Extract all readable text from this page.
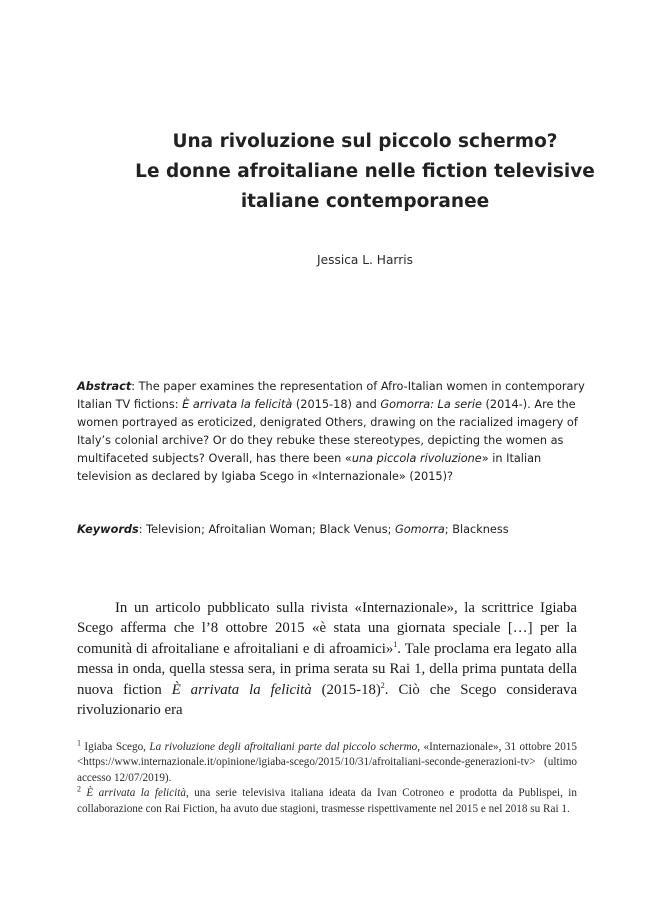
Una rivoluzione sul piccolo schermo?
Le donne afroitaliane nelle fiction televisive
italiane contemporanee
Jessica L. Harris
Abstract: The paper examines the representation of Afro-Italian women in contemporary Italian TV fictions: È arrivata la felicità (2015-18) and Gomorra: La serie (2014-). Are the women portrayed as eroticized, denigrated Others, drawing on the racialized imagery of Italy’s colonial archive? Or do they rebuke these stereotypes, depicting the women as multifaceted subjects? Overall, has there been «una piccola rivoluzione» in Italian television as declared by Igiaba Scego in «Internazionale» (2015)?
Keywords: Television; Afroitalian Woman; Black Venus; Gomorra; Blackness

In un articolo pubblicato sulla rivista «Internazionale», la scrittrice Igiaba Scego afferma che l’8 ottobre 2015 «è stata una giornata speciale […] per la comunità di afroitaliane e afroitaliani e di afroamici»$^1$. Tale proclama era legato alla messa in onda, quella stessa sera, in prima serata su Rai 1, della prima puntata della nuova fiction È arrivata la felicità (2015-18)$^2$. Ciò che Scego considerava rivoluzionario era

$^1$ Igiaba Scego, La rivoluzione degli afroitaliani parte dal piccolo schermo, «Internazionale», 31 ottobre 2015 <https://www.internazionale.it/opinione/igiaba-scego/2015/10/31/afroitaliani-seconde-generazioni-tv> (ultimo accesso 12/07/2019).

$^2$ È arrivata la felicità, una serie televisiva italiana ideata da Ivan Cotroneo e prodotta da Publispei, in collaborazione con Rai Fiction, ha avuto due stagioni, trasmesse rispettivamente nel 2015 e nel 2018 su Rai 1.
